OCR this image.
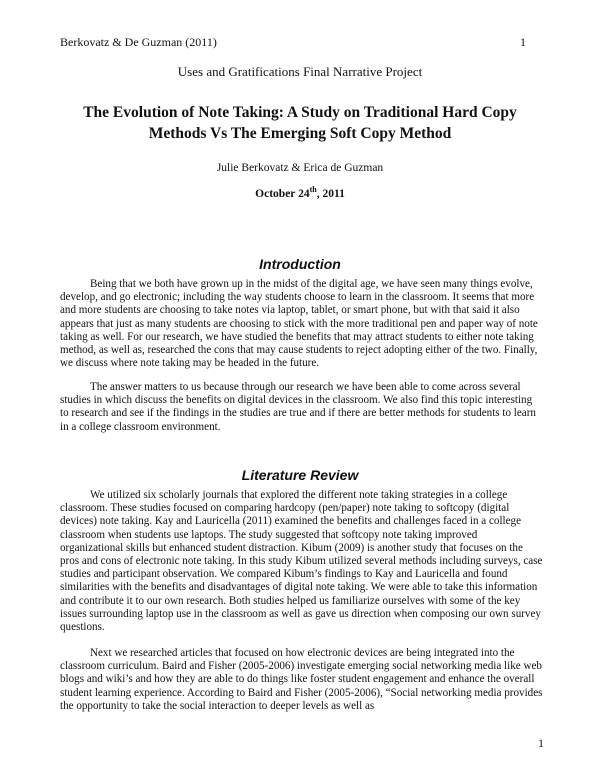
Berkovatz & De Guzman (2011)	1
Uses and Gratifications Final Narrative Project
The Evolution of Note Taking: A Study on Traditional Hard Copy Methods Vs The Emerging Soft Copy Method
Julie Berkovatz & Erica de Guzman
October 24th, 2011
Introduction

Being that we both have grown up in the midst of the digital age, we have seen many things evolve, develop, and go electronic; including the way students choose to learn in the classroom. It seems that more and more students are choosing to take notes via laptop, tablet, or smart phone, but with that said it also appears that just as many students are choosing to stick with the more traditional pen and paper way of note taking as well. For our research, we have studied the benefits that may attract students to either note taking method, as well as, researched the cons that may cause students to reject adopting either of the two. Finally, we discuss where note taking may be headed in the future.

The answer matters to us because through our research we have been able to come across several studies in which discuss the benefits on digital devices in the classroom. We also find this topic interesting to research and see if the findings in the studies are true and if there are better methods for students to learn in a college classroom environment.

Literature Review

We utilized six scholarly journals that explored the different note taking strategies in a college classroom. These studies focused on comparing hardcopy (pen/paper) note taking to softcopy (digital devices) note taking. Kay and Lauricella (2011) examined the benefits and challenges faced in a college classroom when students use laptops. The study suggested that softcopy note taking improved organizational skills but enhanced student distraction. Kibum (2009) is another study that focuses on the pros and cons of electronic note taking. In this study Kibum utilized several methods including surveys, case studies and participant observation. We compared Kibum’s findings to Kay and Lauricella and found similarities with the benefits and disadvantages of digital note taking. We were able to take this information and contribute it to our own research. Both studies helped us familiarize ourselves with some of the key issues surrounding laptop use in the classroom as well as gave us direction when composing our own survey questions.

Next we researched articles that focused on how electronic devices are being integrated into the classroom curriculum. Baird and Fisher (2005-2006) investigate emerging social networking media like web blogs and wiki’s and how they are able to do things like foster student engagement and enhance the overall student learning experience. According to Baird and Fisher (2005-2006), “Social networking media provides the opportunity to take the social interaction to deeper levels as well as

1
